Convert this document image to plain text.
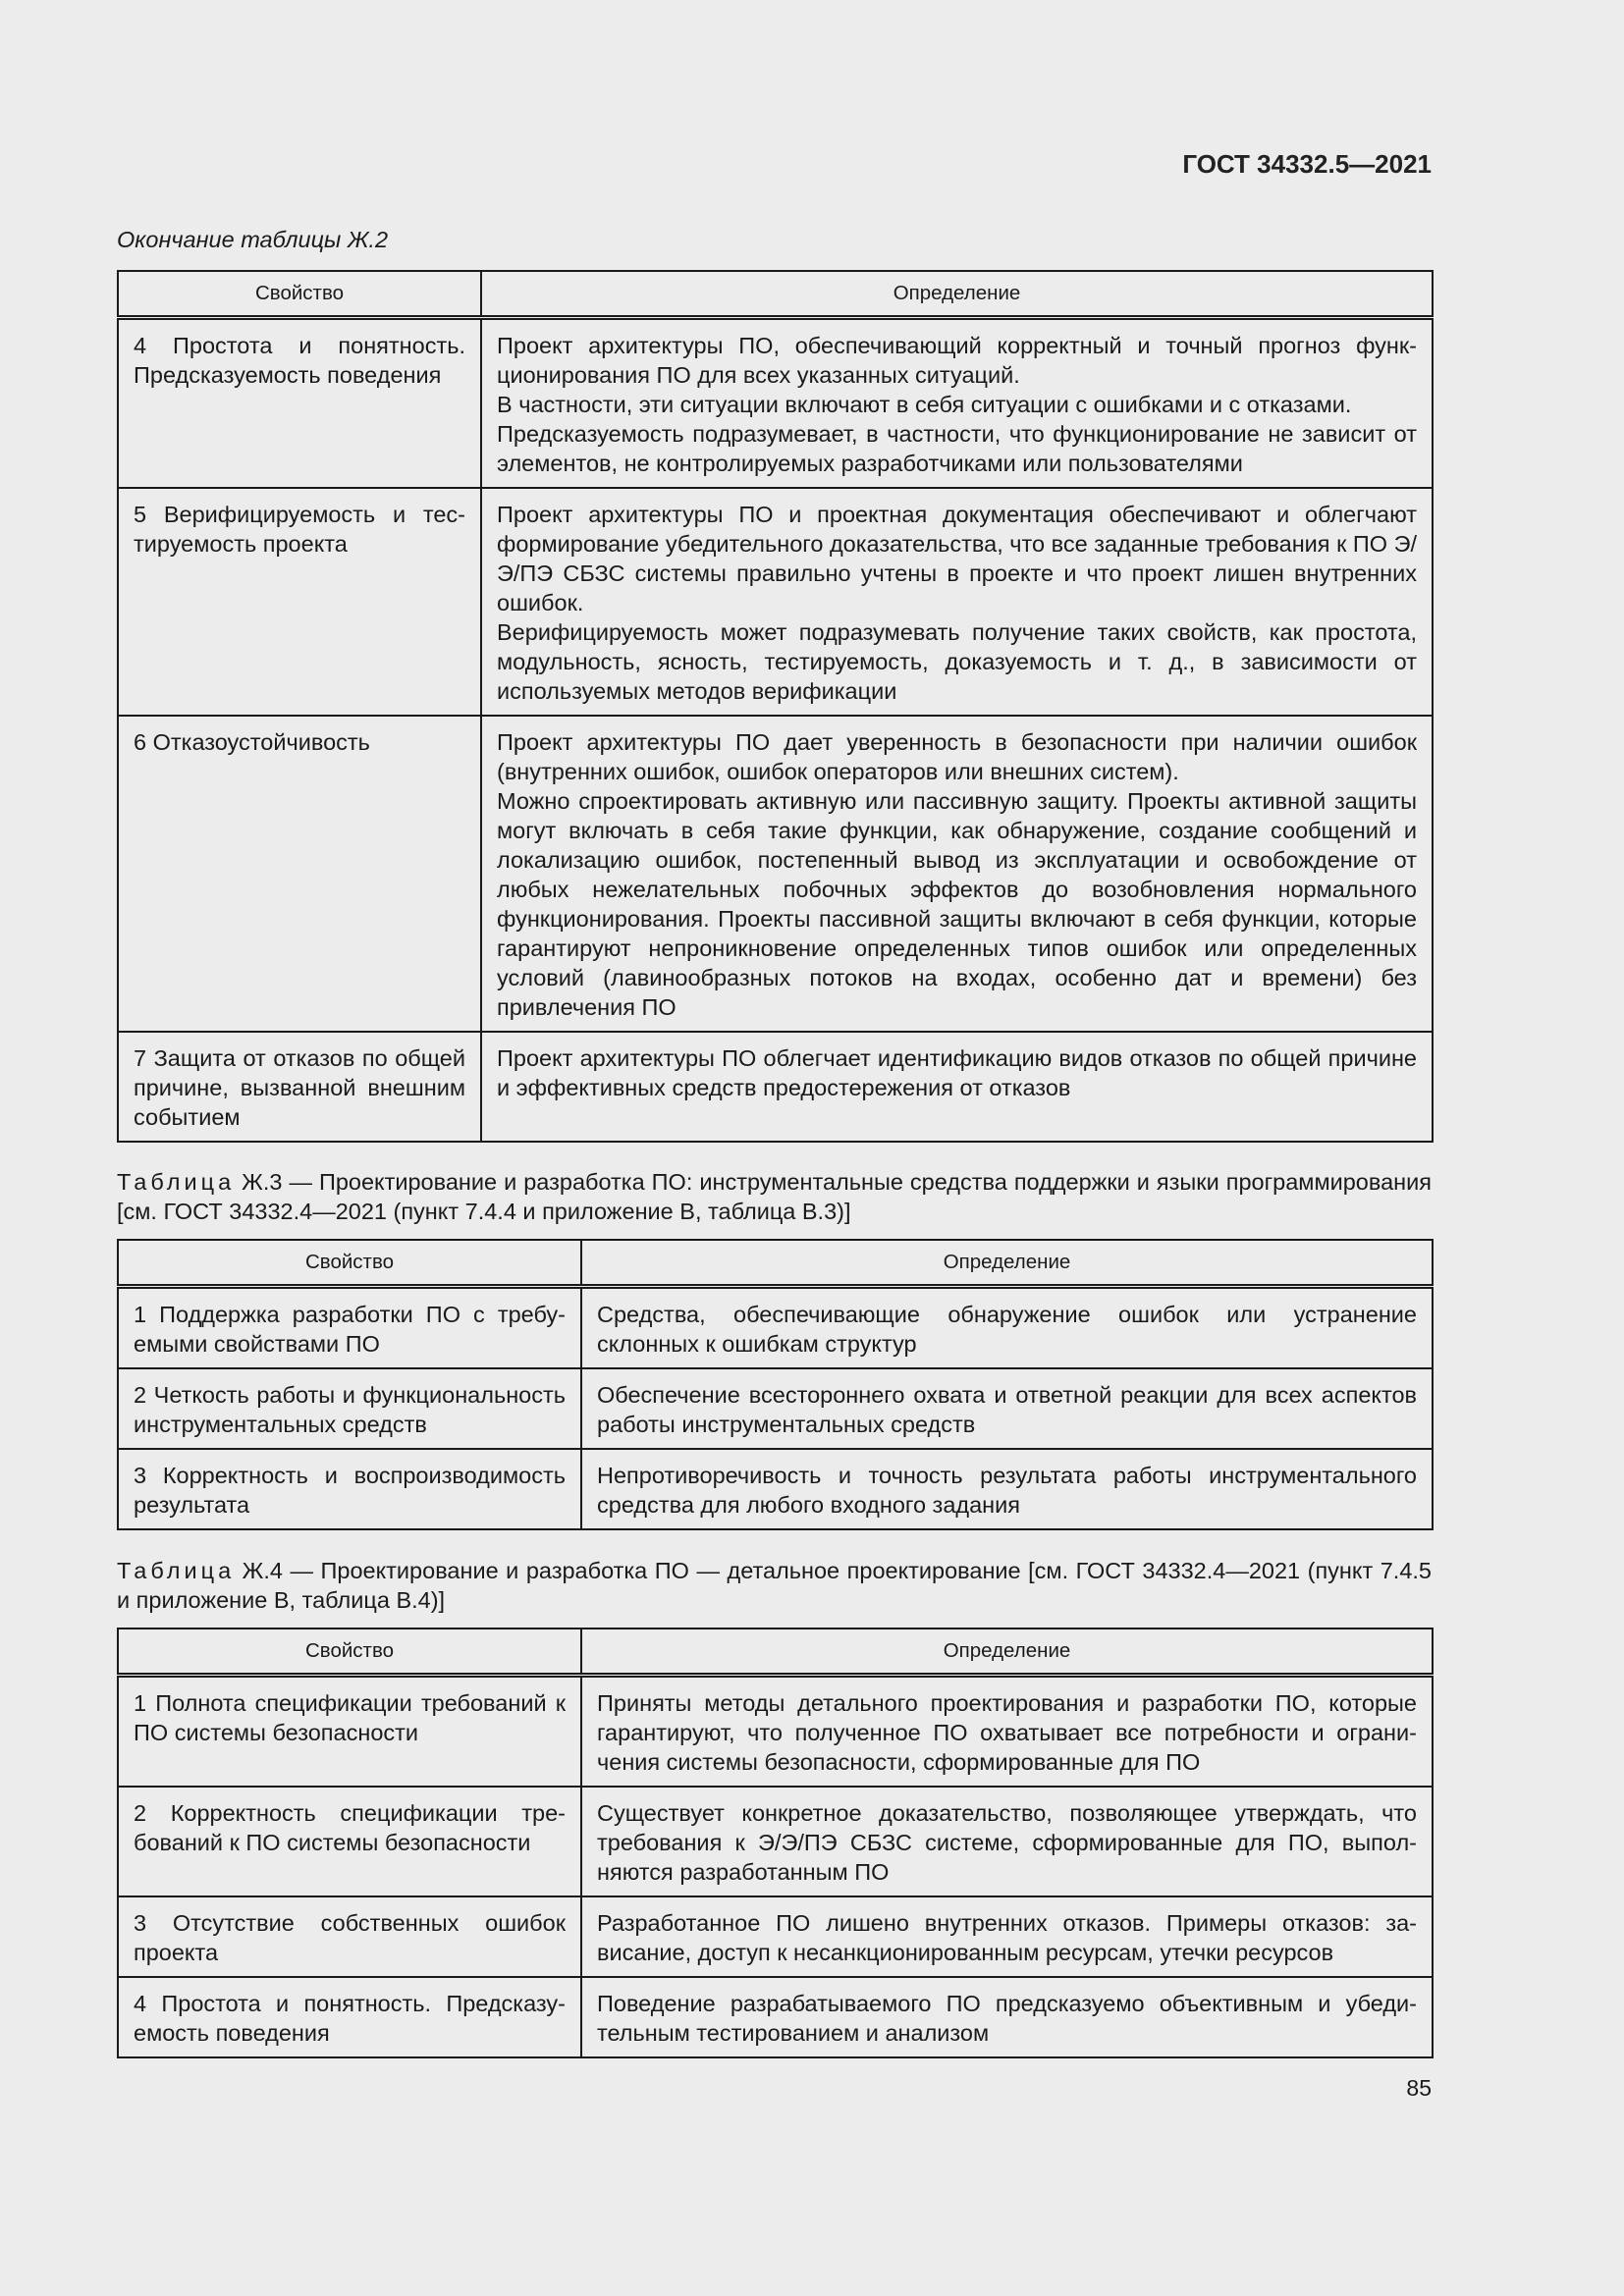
ГОСТ 34332.5—2021
Окончание таблицы Ж.2
Свойство	Определение
4 Простота и понятность. Предсказуемость поведения	Проект архитектуры ПО, обеспечивающий корректный и точный прогноз функционирования ПО для всех указанных ситуаций.
В частности, эти ситуации включают в себя ситуации с ошибками и с отказами.
Предсказуемость подразумевает, в частности, что функционирование не зависит от элементов, не контролируемых разработчиками или пользователями

5 Верифицируемость и тестируемость проекта	Проект архитектуры ПО и проектная документация обеспечивают и облегчают формирование убедительного доказательства, что все заданные требования к ПО Э/Э/ПЭ СБЗС системы правильно учтены в проекте и что проект лишен внутренних ошибок.
Верифицируемость может подразумевать получение таких свойств, как простота, модульность, ясность, тестируемость, доказуемость и т. д., в зависимости от используемых методов верификации

6 Отказоустойчивость	Проект архитектуры ПО дает уверенность в безопасности при наличии ошибок (внутренних ошибок, ошибок операторов или внешних систем).
Можно спроектировать активную или пассивную защиту. Проекты активной защиты могут включать в себя такие функции, как обнаружение, создание сообщений и локализацию ошибок, постепенный вывод из эксплуатации и освобождение от любых нежелательных побочных эффектов до возобновления нормального функционирования. Проекты пассивной защиты включают в себя функции, которые гарантируют непроникновение определенных типов ошибок или определенных условий (лавинообразных потоков на входах, особенно дат и времени) без привлечения ПО

7 Защита от отказов по общей причине, вызванной внешним событием	Проект архитектуры ПО облегчает идентификацию видов отказов по общей причине и эффективных средств предостережения от отказов
Таблица Ж.3 — Проектирование и разработка ПО: инструментальные средства поддержки и языки программирования [см. ГОСТ 34332.4—2021 (пункт 7.4.4 и приложение В, таблица В.3)]
Свойство	Определение
1 Поддержка разработки ПО с требуемыми свойствами ПО	Средства, обеспечивающие обнаружение ошибок или устранение склонных к ошибкам структур
2 Четкость работы и функциональность инструментальных средств	Обеспечение всестороннего охвата и ответной реакции для всех аспектов работы инструментальных средств
3 Корректность и воспроизводимость результата	Непротиворечивость и точность результата работы инструментального средства для любого входного задания
Таблица Ж.4 — Проектирование и разработка ПО — детальное проектирование [см. ГОСТ 34332.4—2021 (пункт 7.4.5 и приложение В, таблица В.4)]
Свойство	Определение
1 Полнота спецификации требований к ПО системы безопасности	Приняты методы детального проектирования и разработки ПО, которые гарантируют, что полученное ПО охватывает все потребности и ограничения системы безопасности, сформированные для ПО
2 Корректность спецификации требований к ПО системы безопасности	Существует конкретное доказательство, позволяющее утверждать, что требования к Э/Э/ПЭ СБЗС системе, сформированные для ПО, выполняются разработанным ПО
3 Отсутствие собственных ошибок проекта	Разработанное ПО лишено внутренних отказов. Примеры отказов: зависание, доступ к несанкционированным ресурсам, утечки ресурсов
4 Простота и понятность. Предсказуемость поведения	Поведение разрабатываемого ПО предсказуемо объективным и убедительным тестированием и анализом
85
